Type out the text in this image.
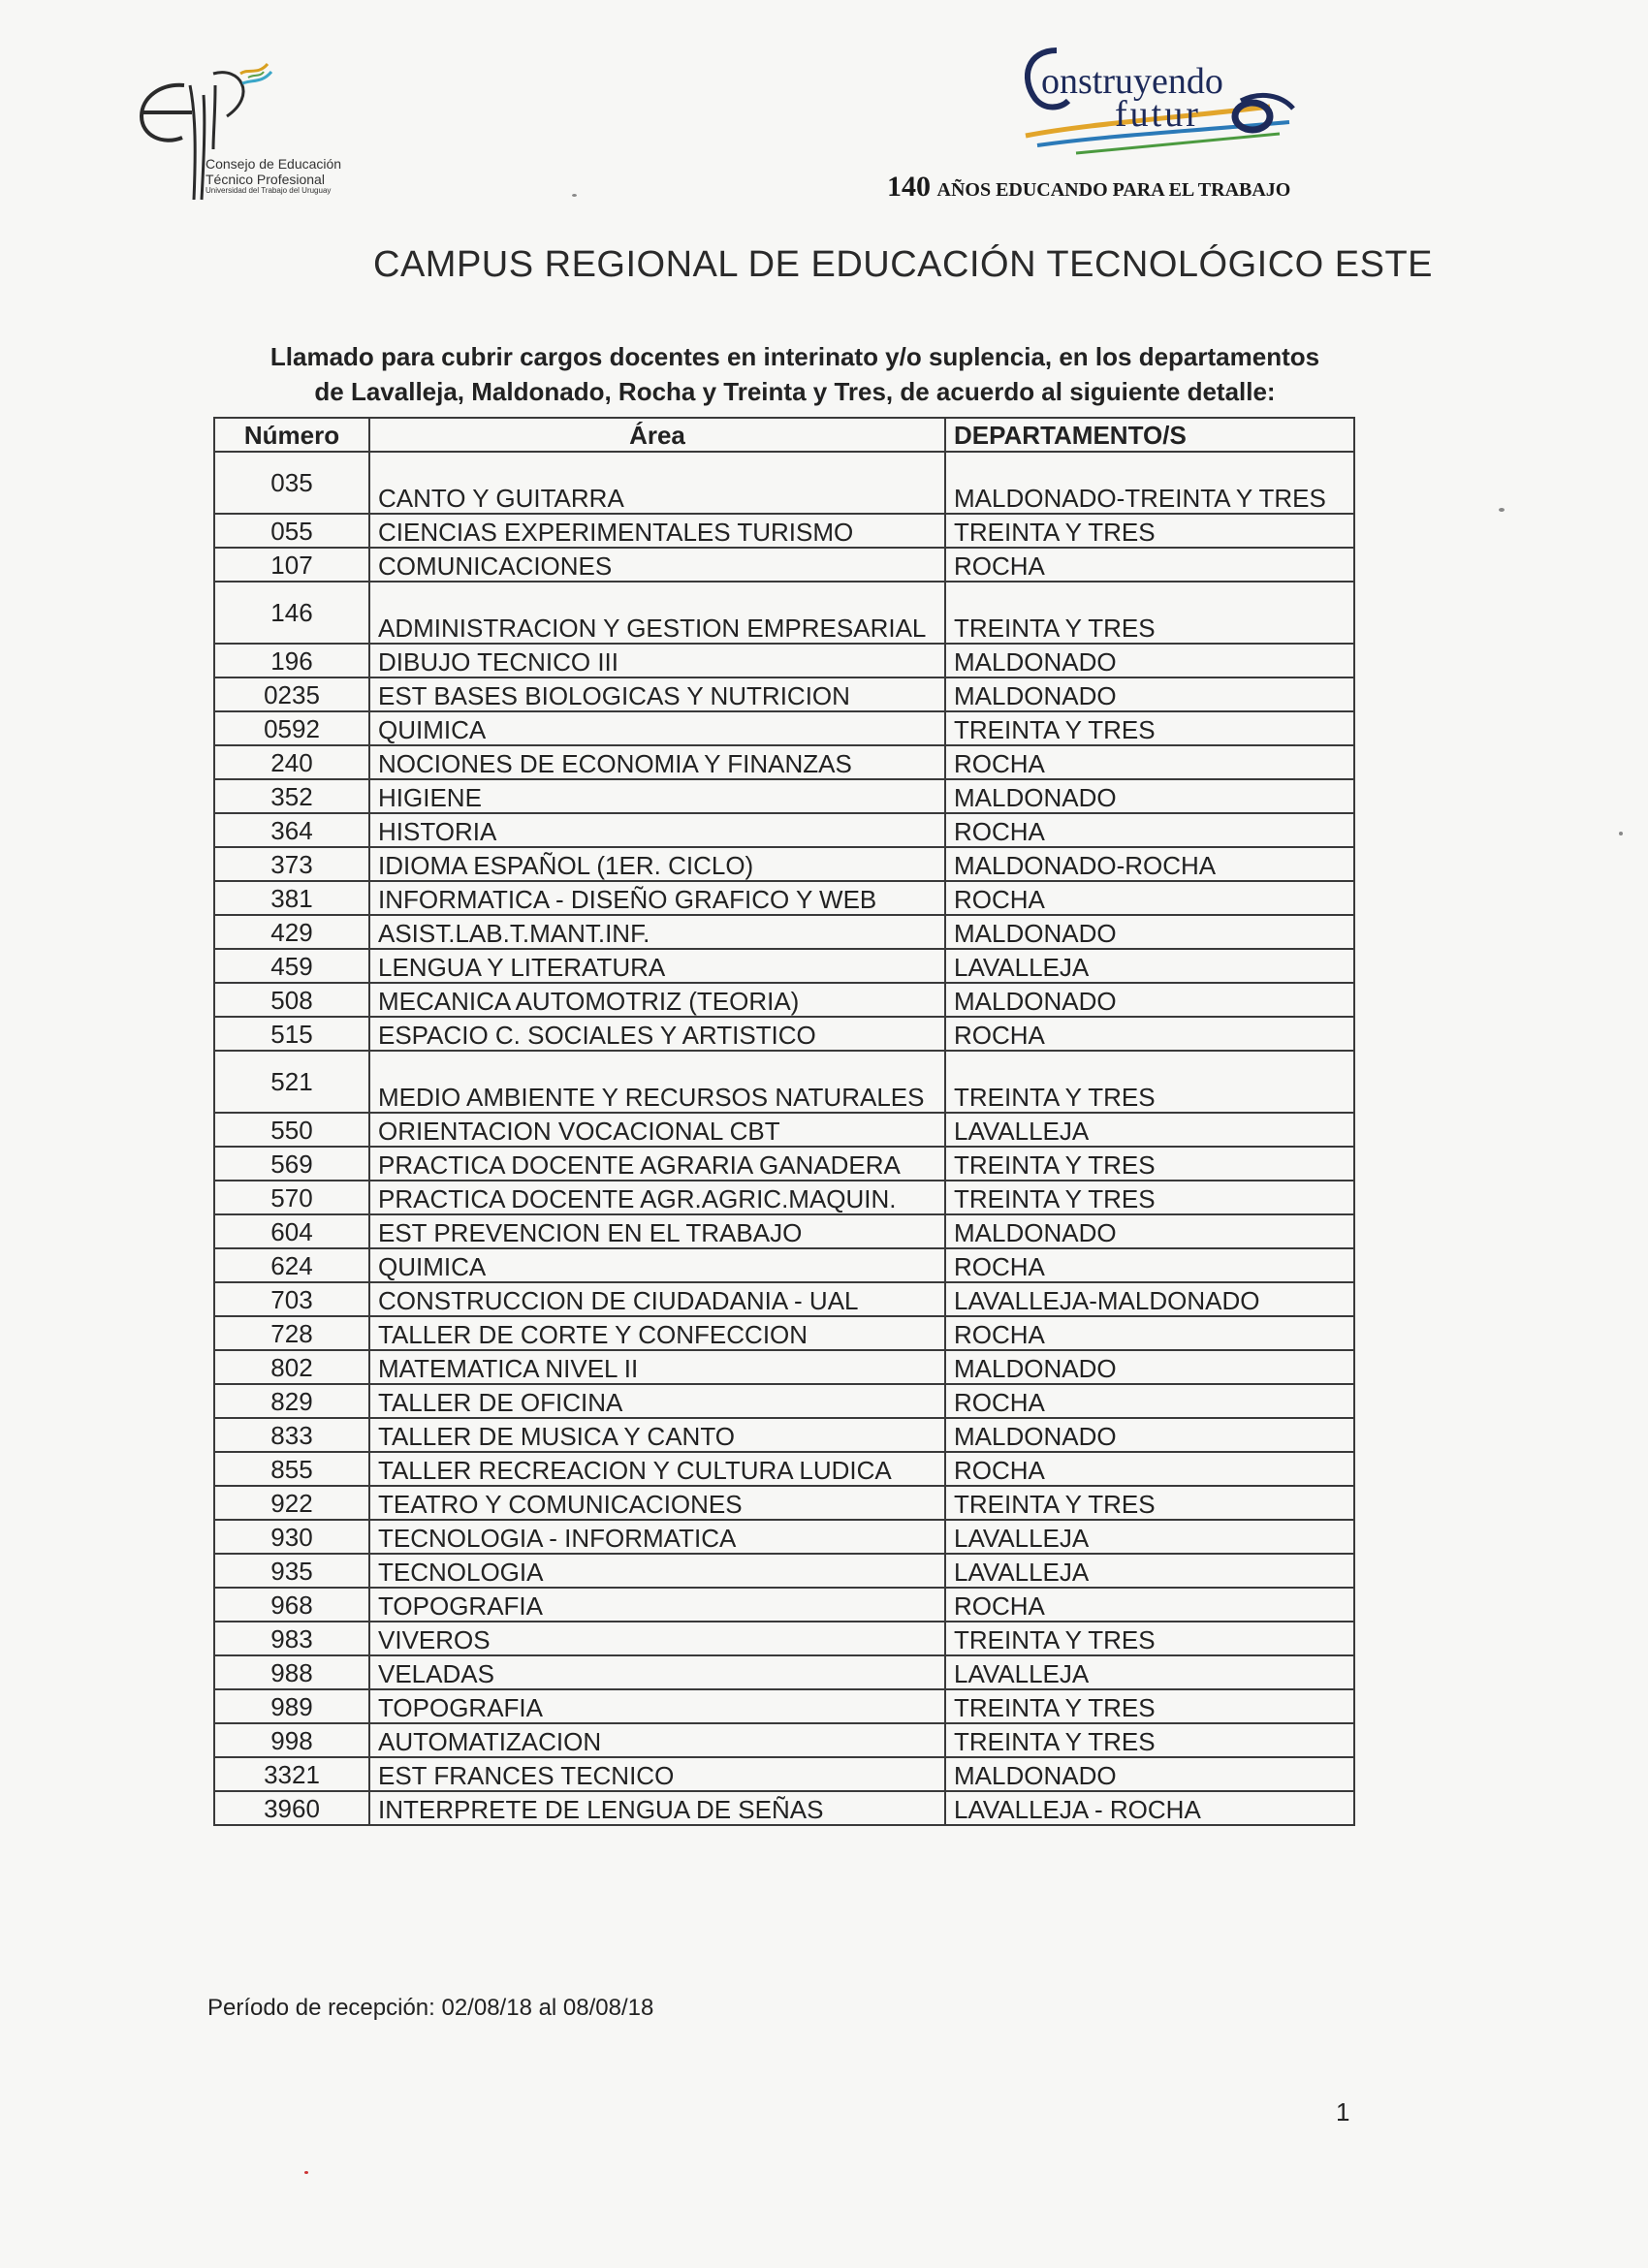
Consejo de Educación
Técnico Profesional
Universidad del Trabajo del Uruguay
onstruyendo
futur
140 AÑOS EDUCANDO PARA EL TRABAJO
CAMPUS REGIONAL DE EDUCACIÓN TECNOLÓGICO ESTE
Llamado para cubrir cargos docentes en interinato y/o suplencia, en los departamentos
de Lavalleja, Maldonado, Rocha y Treinta y Tres, de acuerdo al siguiente detalle:
Número	Área	DEPARTAMENTO/S
035	CANTO Y GUITARRA	MALDONADO-TREINTA Y TRES
055	CIENCIAS EXPERIMENTALES TURISMO	TREINTA Y TRES
107	COMUNICACIONES	ROCHA
146	ADMINISTRACION Y GESTION EMPRESARIAL	TREINTA Y TRES
196	DIBUJO TECNICO III	MALDONADO
0235	EST BASES BIOLOGICAS Y NUTRICION	MALDONADO
0592	QUIMICA	TREINTA Y TRES
240	NOCIONES DE ECONOMIA Y FINANZAS	ROCHA
352	HIGIENE	MALDONADO
364	HISTORIA	ROCHA
373	IDIOMA ESPAÑOL (1ER. CICLO)	MALDONADO-ROCHA
381	INFORMATICA - DISEÑO GRAFICO Y WEB	ROCHA
429	ASIST.LAB.T.MANT.INF.	MALDONADO
459	LENGUA Y LITERATURA	LAVALLEJA
508	MECANICA AUTOMOTRIZ (TEORIA)	MALDONADO
515	ESPACIO C. SOCIALES Y ARTISTICO	ROCHA
521	MEDIO AMBIENTE Y RECURSOS NATURALES	TREINTA Y TRES
550	ORIENTACION VOCACIONAL CBT	LAVALLEJA
569	PRACTICA DOCENTE AGRARIA GANADERA	TREINTA Y TRES
570	PRACTICA DOCENTE AGR.AGRIC.MAQUIN.	TREINTA Y TRES
604	EST PREVENCION EN EL TRABAJO	MALDONADO
624	QUIMICA	ROCHA
703	CONSTRUCCION DE CIUDADANIA - UAL	LAVALLEJA-MALDONADO
728	TALLER DE CORTE Y CONFECCION	ROCHA
802	MATEMATICA NIVEL II	MALDONADO
829	TALLER DE OFICINA	ROCHA
833	TALLER DE MUSICA Y CANTO	MALDONADO
855	TALLER RECREACION Y CULTURA LUDICA	ROCHA
922	TEATRO Y COMUNICACIONES	TREINTA Y TRES
930	TECNOLOGIA - INFORMATICA	LAVALLEJA
935	TECNOLOGIA	LAVALLEJA
968	TOPOGRAFIA	ROCHA
983	VIVEROS	TREINTA Y TRES
988	VELADAS	LAVALLEJA
989	TOPOGRAFIA	TREINTA Y TRES
998	AUTOMATIZACION	TREINTA Y TRES
3321	EST FRANCES TECNICO	MALDONADO
3960	INTERPRETE DE LENGUA DE SEÑAS	LAVALLEJA - ROCHA
Período de recepción: 02/08/18 al 08/08/18
1
